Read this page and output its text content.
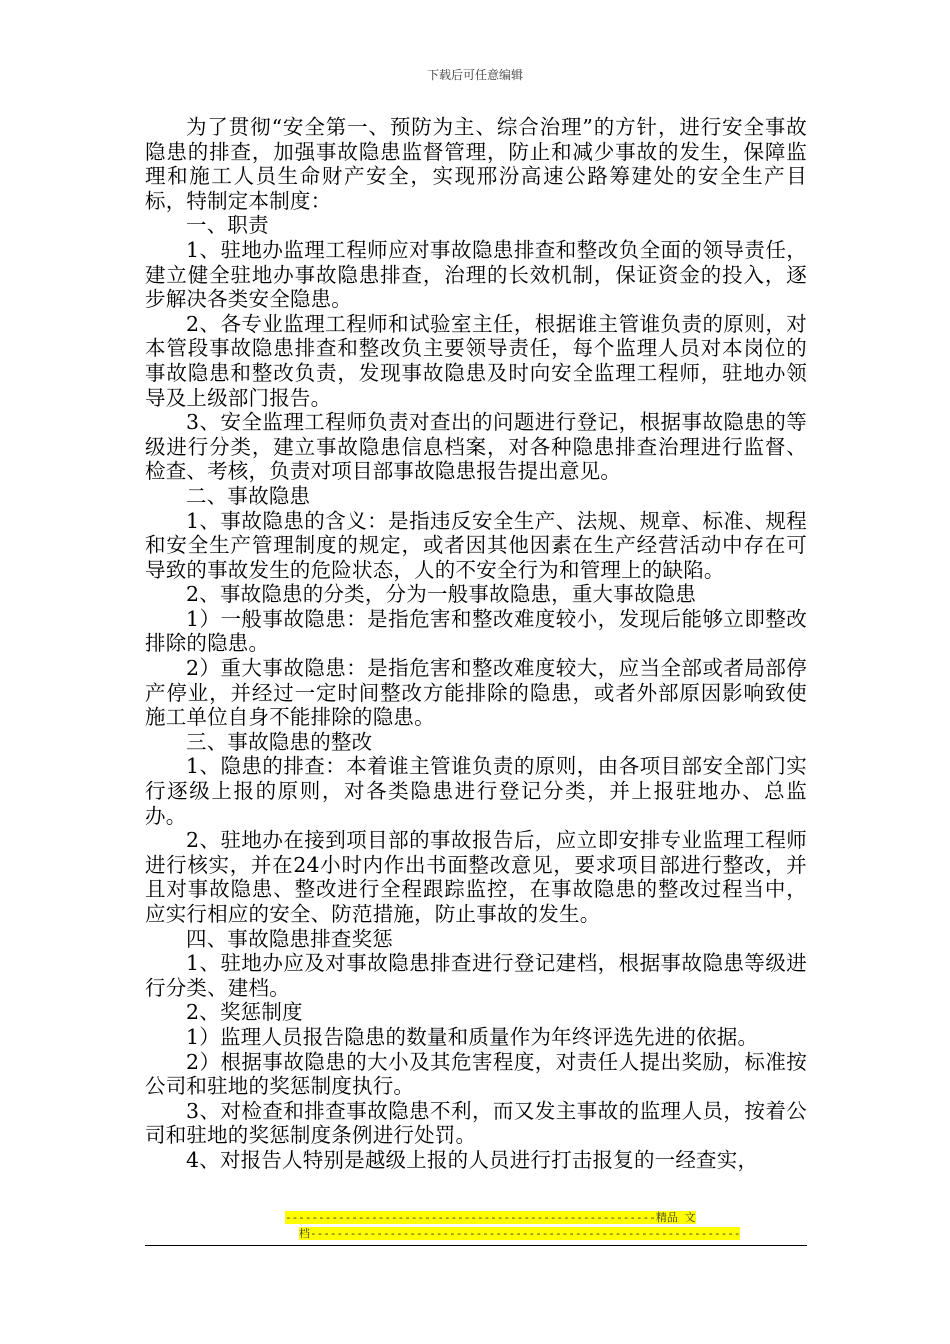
下载后可任意编辑

为了贯彻“安全第一、预防为主、综合治理”的方针，进行安全事故隐患的排查，加强事故隐患监督管理，防止和减少事故的发生，保障监理和施工人员生命财产安全，实现邢汾高速公路筹建处的安全生产目标，特制定本制度：

一、职责

1、驻地办监理工程师应对事故隐患排查和整改负全面的领导责任，建立健全驻地办事故隐患排查，治理的长效机制，保证资金的投入，逐步解决各类安全隐患。

2、各专业监理工程师和试验室主任，根据谁主管谁负责的原则，对本管段事故隐患排查和整改负主要领导责任，每个监理人员对本岗位的事故隐患和整改负责，发现事故隐患及时向安全监理工程师，驻地办领导及上级部门报告。

3、安全监理工程师负责对查出的问题进行登记，根据事故隐患的等级进行分类，建立事故隐患信息档案，对各种隐患排查治理进行监督、检查、考核，负责对项目部事故隐患报告提出意见。

二、事故隐患

1、事故隐患的含义：是指违反安全生产、法规、规章、标准、规程和安全生产管理制度的规定，或者因其他因素在生产经营活动中存在可导致的事故发生的危险状态，人的不安全行为和管理上的缺陷。

2、事故隐患的分类，分为一般事故隐患，重大事故隐患

1）一般事故隐患：是指危害和整改难度较小，发现后能够立即整改排除的隐患。

2）重大事故隐患：是指危害和整改难度较大，应当全部或者局部停产停业，并经过一定时间整改方能排除的隐患，或者外部原因影响致使施工单位自身不能排除的隐患。

三、事故隐患的整改

1、隐患的排查：本着谁主管谁负责的原则，由各项目部安全部门实行逐级上报的原则，对各类隐患进行登记分类，并上报驻地办、总监办。

2、驻地办在接到项目部的事故报告后，应立即安排专业监理工程师进行核实，并在24小时内作出书面整改意见，要求项目部进行整改，并且对事故隐患、整改进行全程跟踪监控，在事故隐患的整改过程当中，应实行相应的安全、防范措施，防止事故的发生。

四、事故隐患排查奖惩

1、驻地办应及对事故隐患排查进行登记建档，根据事故隐患等级进行分类、建档。

2、奖惩制度

1）监理人员报告隐患的数量和质量作为年终评选先进的依据。

2）根据事故隐患的大小及其危害程度，对责任人提出奖励，标准按公司和驻地的奖惩制度执行。

3、对检查和排查事故隐患不利，而又发主事故的监理人员，按着公司和驻地的奖惩制度条例进行处罚。

4、对报告人特别是越级上报的人员进行打击报复的一经查实，

--------------------------------------------------------精品 文
档-----------------------------------------------------------------
